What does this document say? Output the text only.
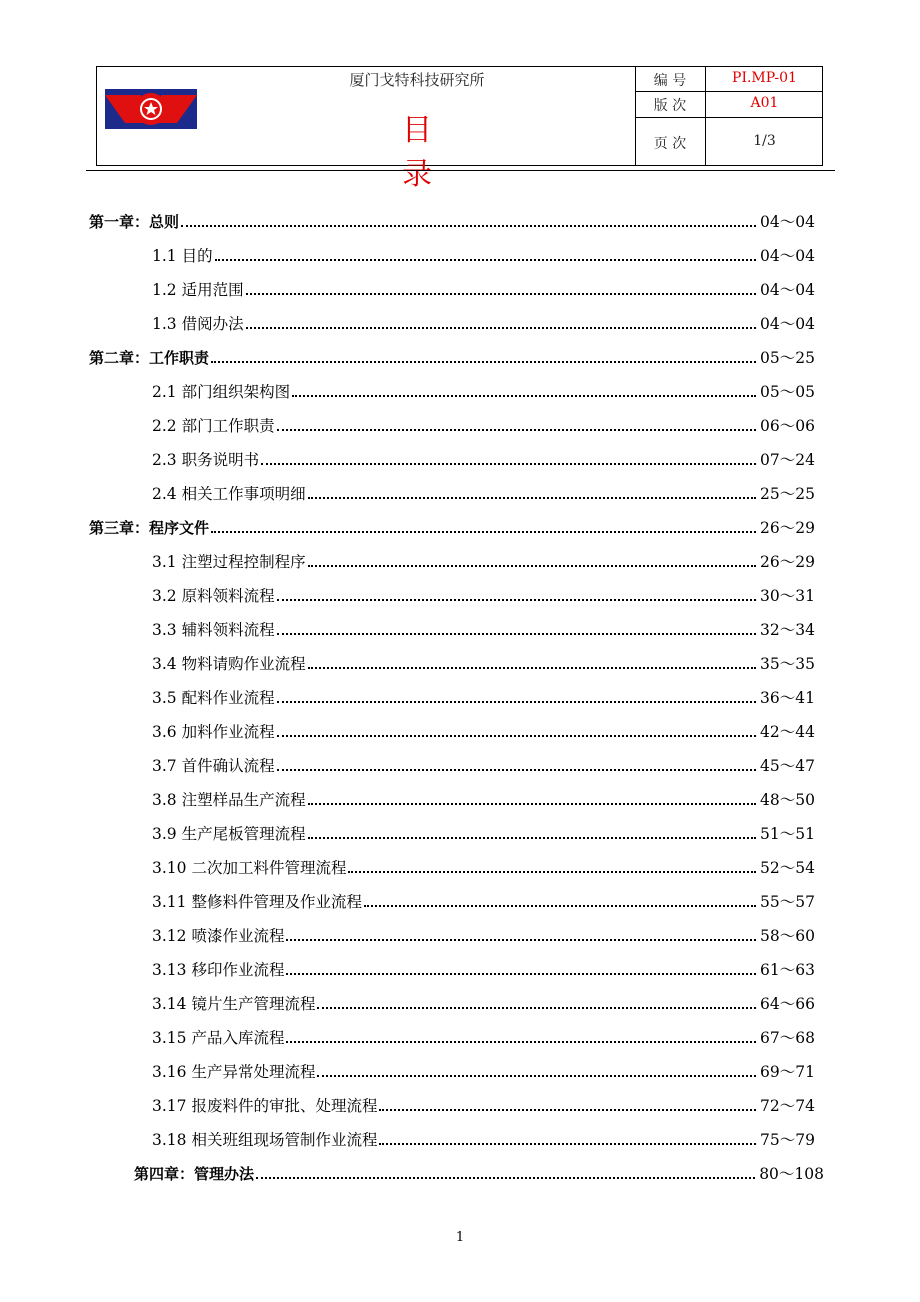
厦门戈特科技研究所
目录
编 号	PI.MP-01
版 次	A01
页 次	1/3
第一章：总则	04～04
1.1 目的	04～04
1.2 适用范围	04～04
1.3 借阅办法	04～04
第二章：工作职责	05～25
2.1 部门组织架构图	05～05
2.2 部门工作职责	06～06
2.3 职务说明书	07～24
2.4 相关工作事项明细	25～25
第三章：程序文件	26～29
3.1 注塑过程控制程序	26～29
3.2 原料领料流程	30～31
3.3 辅料领料流程	32～34
3.4 物料请购作业流程	35～35
3.5 配料作业流程	36～41
3.6 加料作业流程	42～44
3.7 首件确认流程	45～47
3.8 注塑样品生产流程	48～50
3.9 生产尾板管理流程	51～51
3.10 二次加工料件管理流程	52～54
3.11 整修料件管理及作业流程	55～57
3.12 喷漆作业流程	58～60
3.13 移印作业流程	61～63
3.14 镜片生产管理流程	64～66
3.15 产品入库流程	67～68
3.16 生产异常处理流程	69～71
3.17 报废料件的审批、处理流程	72～74
3.18 相关班组现场管制作业流程	75～79
第四章：管理办法	80～108
1
